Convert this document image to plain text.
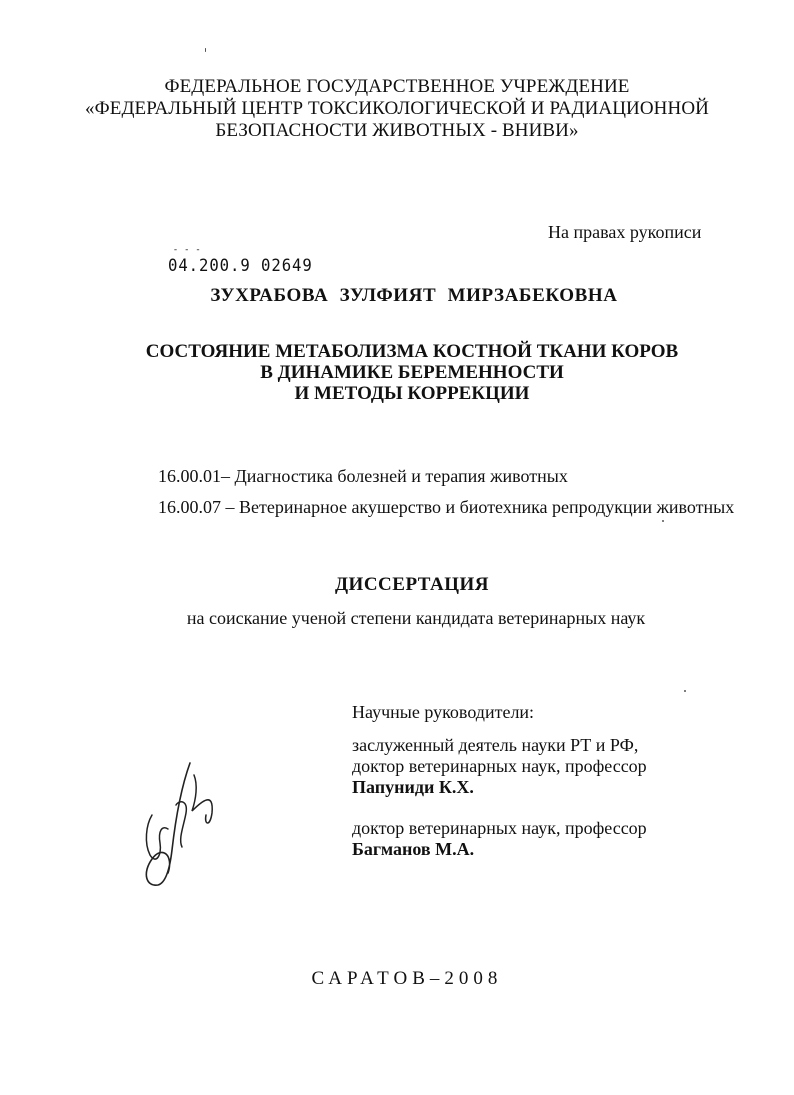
ФЕДЕРАЛЬНОЕ ГОСУДАРСТВЕННОЕ УЧРЕЖДЕНИЕ
«ФЕДЕРАЛЬНЫЙ ЦЕНТР ТОКСИКОЛОГИЧЕСКОЙ И РАДИАЦИОННОЙ
БЕЗОПАСНОСТИ ЖИВОТНЫХ - ВНИВИ»
На правах рукописи
- - -
04.200.9 02649
ЗУХРАБОВА ЗУЛФИЯТ МИРЗАБЕКОВНА
СОСТОЯНИЕ МЕТАБОЛИЗМА КОСТНОЙ ТКАНИ КОРОВ
В ДИНАМИКЕ БЕРЕМЕННОСТИ
И МЕТОДЫ КОРРЕКЦИИ
16.00.01– Диагностика болезней и терапия животных
16.00.07 – Ветеринарное акушерство и биотехника репродукции животных
ДИССЕРТАЦИЯ
на соискание ученой степени кандидата ветеринарных наук
Научные руководители:
заслуженный деятель науки РТ и РФ,
доктор ветеринарных наук, профессор
Папуниди К.Х.
доктор ветеринарных наук, профессор
Багманов М.А.
САРАТОВ–2008
